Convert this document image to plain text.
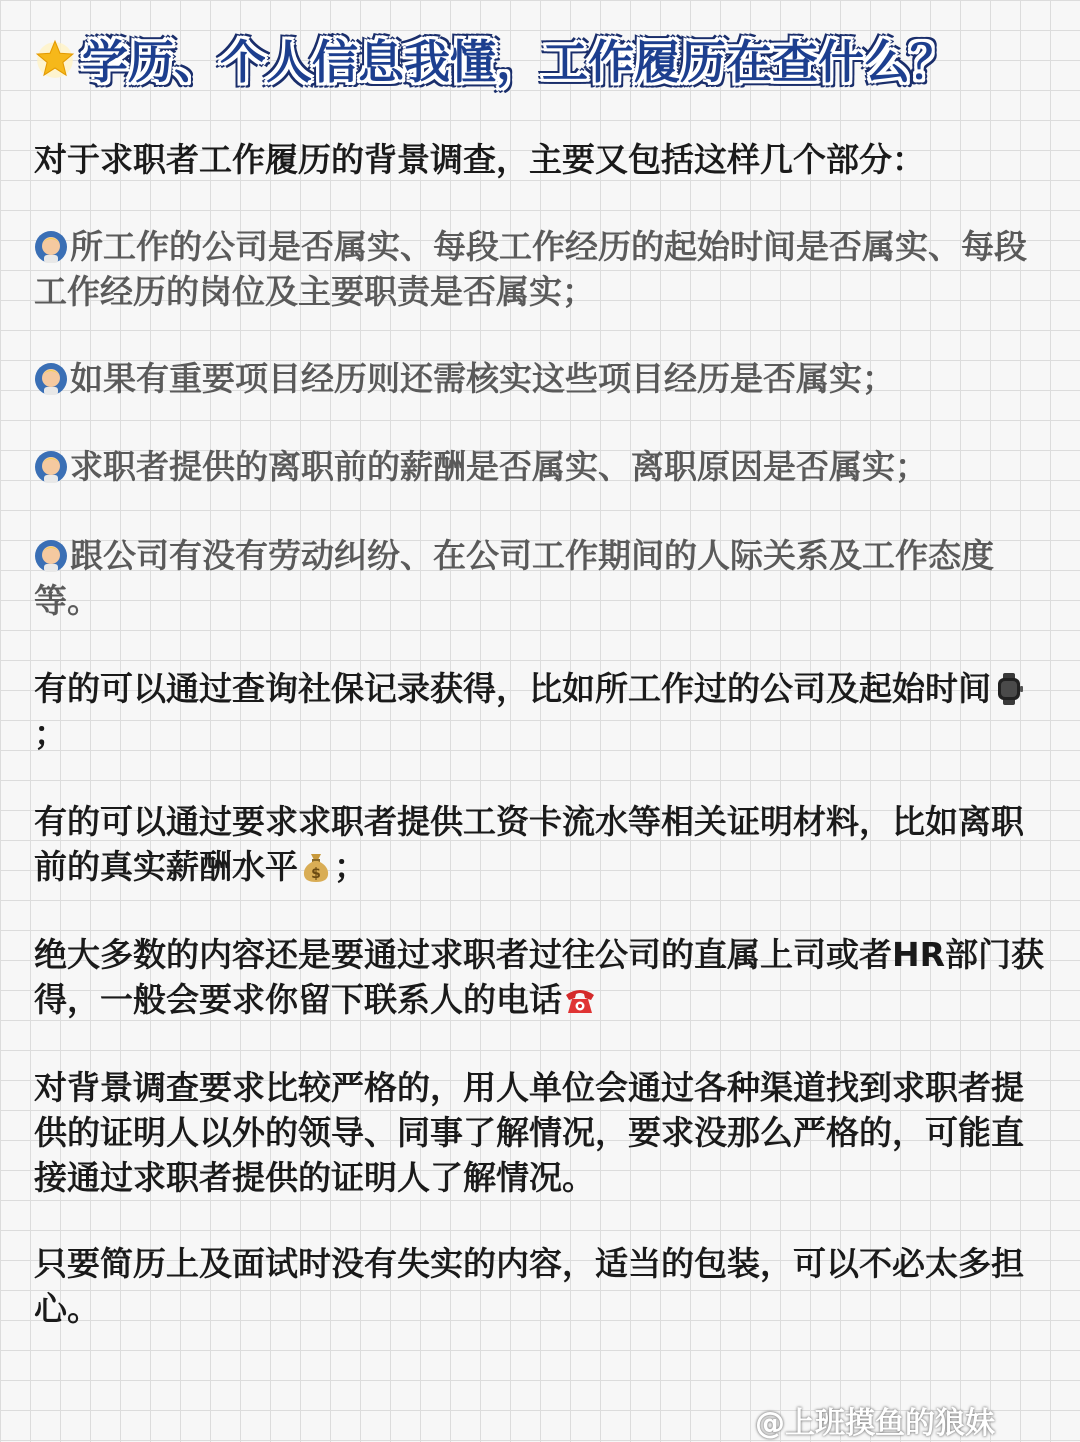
学历、个人信息我懂，工作履历在查什么？

对于求职者工作履历的背景调查，主要又包括这样几个部分：

所工作的公司是否属实、每段工作经历的起始时间是否属实、每段工作经历的岗位及主要职责是否属实；

如果有重要项目经历则还需核实这些项目经历是否属实；

求职者提供的离职前的薪酬是否属实、离职原因是否属实；

跟公司有没有劳动纠纷、在公司工作期间的人际关系及工作态度等。

有的可以通过查询社保记录获得，比如所工作过的公司及起始时间；

有的可以通过要求求职者提供工资卡流水等相关证明材料，比如离职前的真实薪酬水平 $ ；

绝大多数的内容还是要通过求职者过往公司的直属上司或者HR部门获得，一般会要求你留下联系人的电话

对背景调查要求比较严格的，用人单位会通过各种渠道找到求职者提供的证明人以外的领导、同事了解情况，要求没那么严格的，可能直接通过求职者提供的证明人了解情况。

只要简历上及面试时没有失实的内容，适当的包装，可以不必太多担心。

@上班摸鱼的狼妹
